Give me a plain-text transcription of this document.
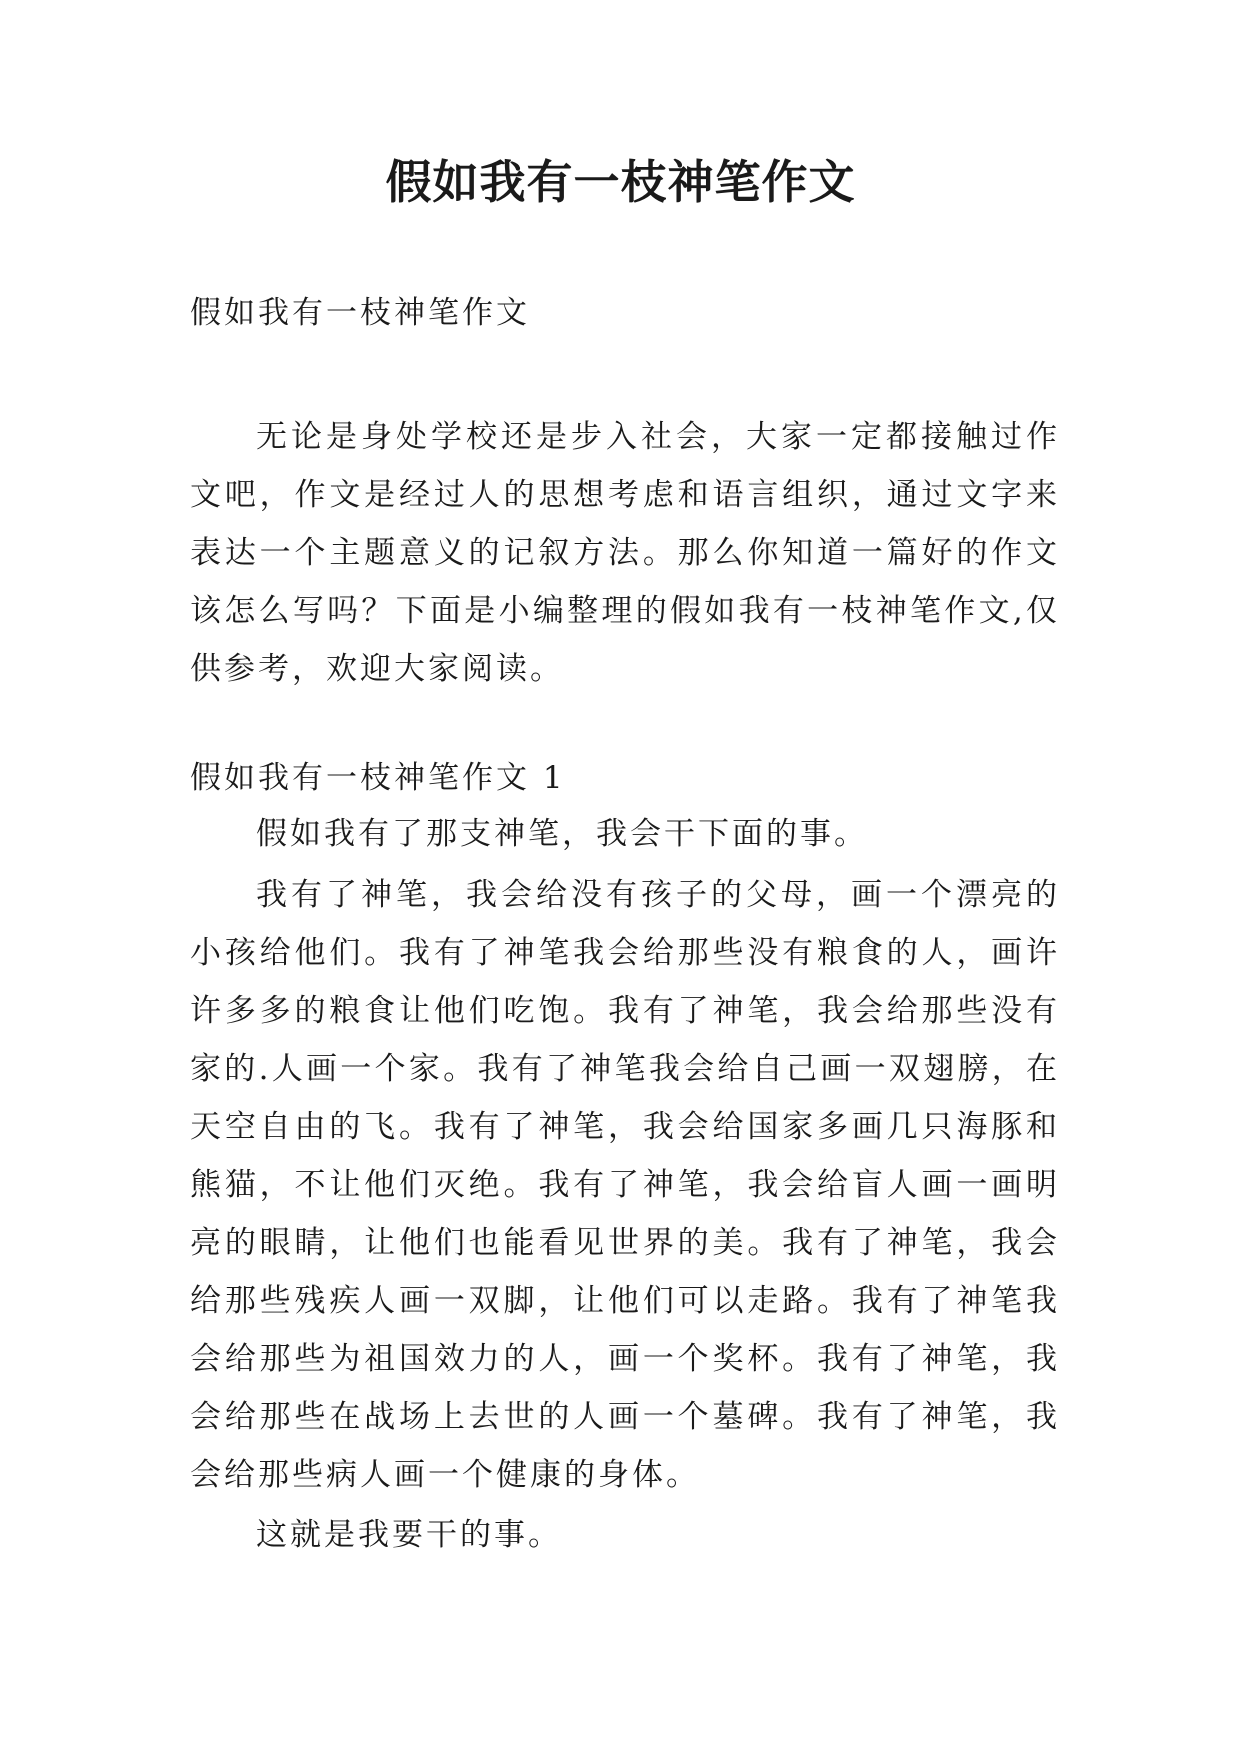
假如我有一枝神笔作文

假如我有一枝神笔作文

无论是身处学校还是步入社会，大家一定都接触过作文吧，作文是经过人的思想考虑和语言组织，通过文字来表达一个主题意义的记叙方法。那么你知道一篇好的作文该怎么写吗？下面是小编整理的假如我有一枝神笔作文,仅供参考，欢迎大家阅读。

假如我有一枝神笔作文 1

假如我有了那支神笔，我会干下面的事。

我有了神笔，我会给没有孩子的父母，画一个漂亮的小孩给他们。我有了神笔我会给那些没有粮食的人，画许许多多的粮食让他们吃饱。我有了神笔，我会给那些没有家的.人画一个家。我有了神笔我会给自己画一双翅膀，在天空自由的飞。我有了神笔，我会给国家多画几只海豚和熊猫，不让他们灭绝。我有了神笔，我会给盲人画一画明亮的眼睛，让他们也能看见世界的美。我有了神笔，我会给那些残疾人画一双脚，让他们可以走路。我有了神笔我会给那些为祖国效力的人，画一个奖杯。我有了神笔，我会给那些在战场上去世的人画一个墓碑。我有了神笔，我会给那些病人画一个健康的身体。

这就是我要干的事。
